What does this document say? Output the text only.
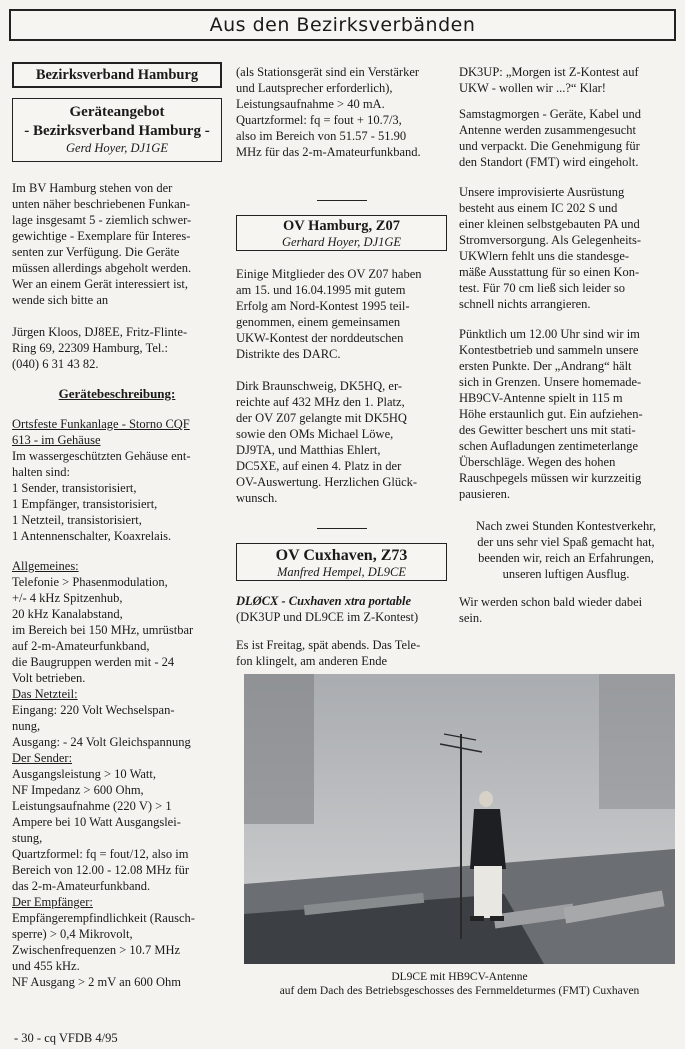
Aus den Bezirksverbänden
Bezirksverband Hamburg
Geräteangebot
- Bezirksverband Hamburg -
Gerd Hoyer, DJ1GE

Im BV Hamburg stehen von der

unten näher beschriebenen Funkan-

lage insgesamt 5 - ziemlich schwer-

gewichtige - Exemplare für Interes-

senten zur Verfügung. Die Geräte

müssen allerdings abgeholt werden.

Wer an einem Gerät interessiert ist,

wende sich bitte an

Jürgen Kloos, DJ8EE, Fritz-Flinte-

Ring 69, 22309 Hamburg, Tel.:

(040) 6 31 43 82.

Gerätebeschreibung:

Ortsfeste Funkanlage - Storno CQF

613 - im Gehäuse

Im wassergeschützten Gehäuse ent-

halten sind:

1 Sender, transistorisiert,

1 Empfänger, transistorisiert,

1 Netzteil, transistorisiert,

1 Antennenschalter, Koaxrelais.

Allgemeines:

Telefonie > Phasenmodulation,

+/- 4 kHz Spitzenhub,

20 kHz Kanalabstand,

im Bereich bei 150 MHz, umrüstbar

auf 2-m-Amateurfunkband,

die Baugruppen werden mit - 24

Volt betrieben.

Das Netzteil:

Eingang: 220 Volt Wechselspan-

nung,

Ausgang: - 24 Volt Gleichspannung

Der Sender:

Ausgangsleistung > 10 Watt,

NF Impedanz > 600 Ohm,

Leistungsaufnahme (220 V) > 1

Ampere bei 10 Watt Ausgangslei-

stung,

Quartzformel: fq = fout/12, also im

Bereich von 12.00 - 12.08 MHz für

das 2-m-Amateurfunkband.

Der Empfänger:

Empfängerempfindlichkeit (Rausch-

sperre) > 0,4 Mikrovolt,

Zwischenfrequenzen > 10.7 MHz

und 455 kHz.

NF Ausgang > 2 mV an 600 Ohm

(als Stationsgerät sind ein Verstärker

und Lautsprecher erforderlich),

Leistungsaufnahme > 40 mA.

Quartzformel: fq = fout + 10.7/3,

also im Bereich von 51.57 - 51.90

MHz für das 2-m-Amateurfunkband.

OV Hamburg, Z07
Gerhard Hoyer, DJ1GE

Einige Mitglieder des OV Z07 haben

am 15. und 16.04.1995 mit gutem

Erfolg am Nord-Kontest 1995 teil-

genommen, einem gemeinsamen

UKW-Kontest der norddeutschen

Distrikte des DARC.

Dirk Braunschweig, DK5HQ, er-

reichte auf 432 MHz den 1. Platz,

der OV Z07 gelangte mit DK5HQ

sowie den OMs Michael Löwe,

DJ9TA, und Matthias Ehlert,

DC5XE, auf einen 4. Platz in der

OV-Auswertung. Herzlichen Glück-

wunsch.

OV Cuxhaven, Z73
Manfred Hempel, DL9CE

DLØCX - Cuxhaven xtra portable

(DK3UP und DL9CE im Z-Kontest)

Es ist Freitag, spät abends. Das Tele-

fon klingelt, am anderen Ende

DK3UP: „Morgen ist Z-Kontest auf

UKW - wollen wir ...?“ Klar!

Samstagmorgen - Geräte, Kabel und

Antenne werden zusammengesucht

und verpackt. Die Genehmigung für

den Standort (FMT) wird eingeholt.

Unsere improvisierte Ausrüstung

besteht aus einem IC 202 S und

einer kleinen selbstgebauten PA und

Stromversorgung. Als Gelegenheits-

UKWlern fehlt uns die standesge-

mäße Ausstattung für so einen Kon-

test. Für 70 cm ließ sich leider so

schnell nichts arrangieren.

Pünktlich um 12.00 Uhr sind wir im

Kontestbetrieb und sammeln unsere

ersten Punkte. Der „Andrang“ hält

sich in Grenzen. Unsere homemade-

HB9CV-Antenne spielt in 115 m

Höhe erstaunlich gut. Ein aufziehen-

des Gewitter beschert uns mit stati-

schen Aufladungen zentimeterlange

Überschläge. Wegen des hohen

Rauschpegels müssen wir kurzzeitig

pausieren.

Nach zwei Stunden Kontestverkehr,

der uns sehr viel Spaß gemacht hat,

beenden wir, reich an Erfahrungen,

unseren luftigen Ausflug.

Wir werden schon bald wieder dabei

sein.

DL9CE mit HB9CV-Antenne

auf dem Dach des Betriebsgeschosses des Fernmeldeturmes (FMT) Cuxhaven

- 30 - cq VFDB 4/95
